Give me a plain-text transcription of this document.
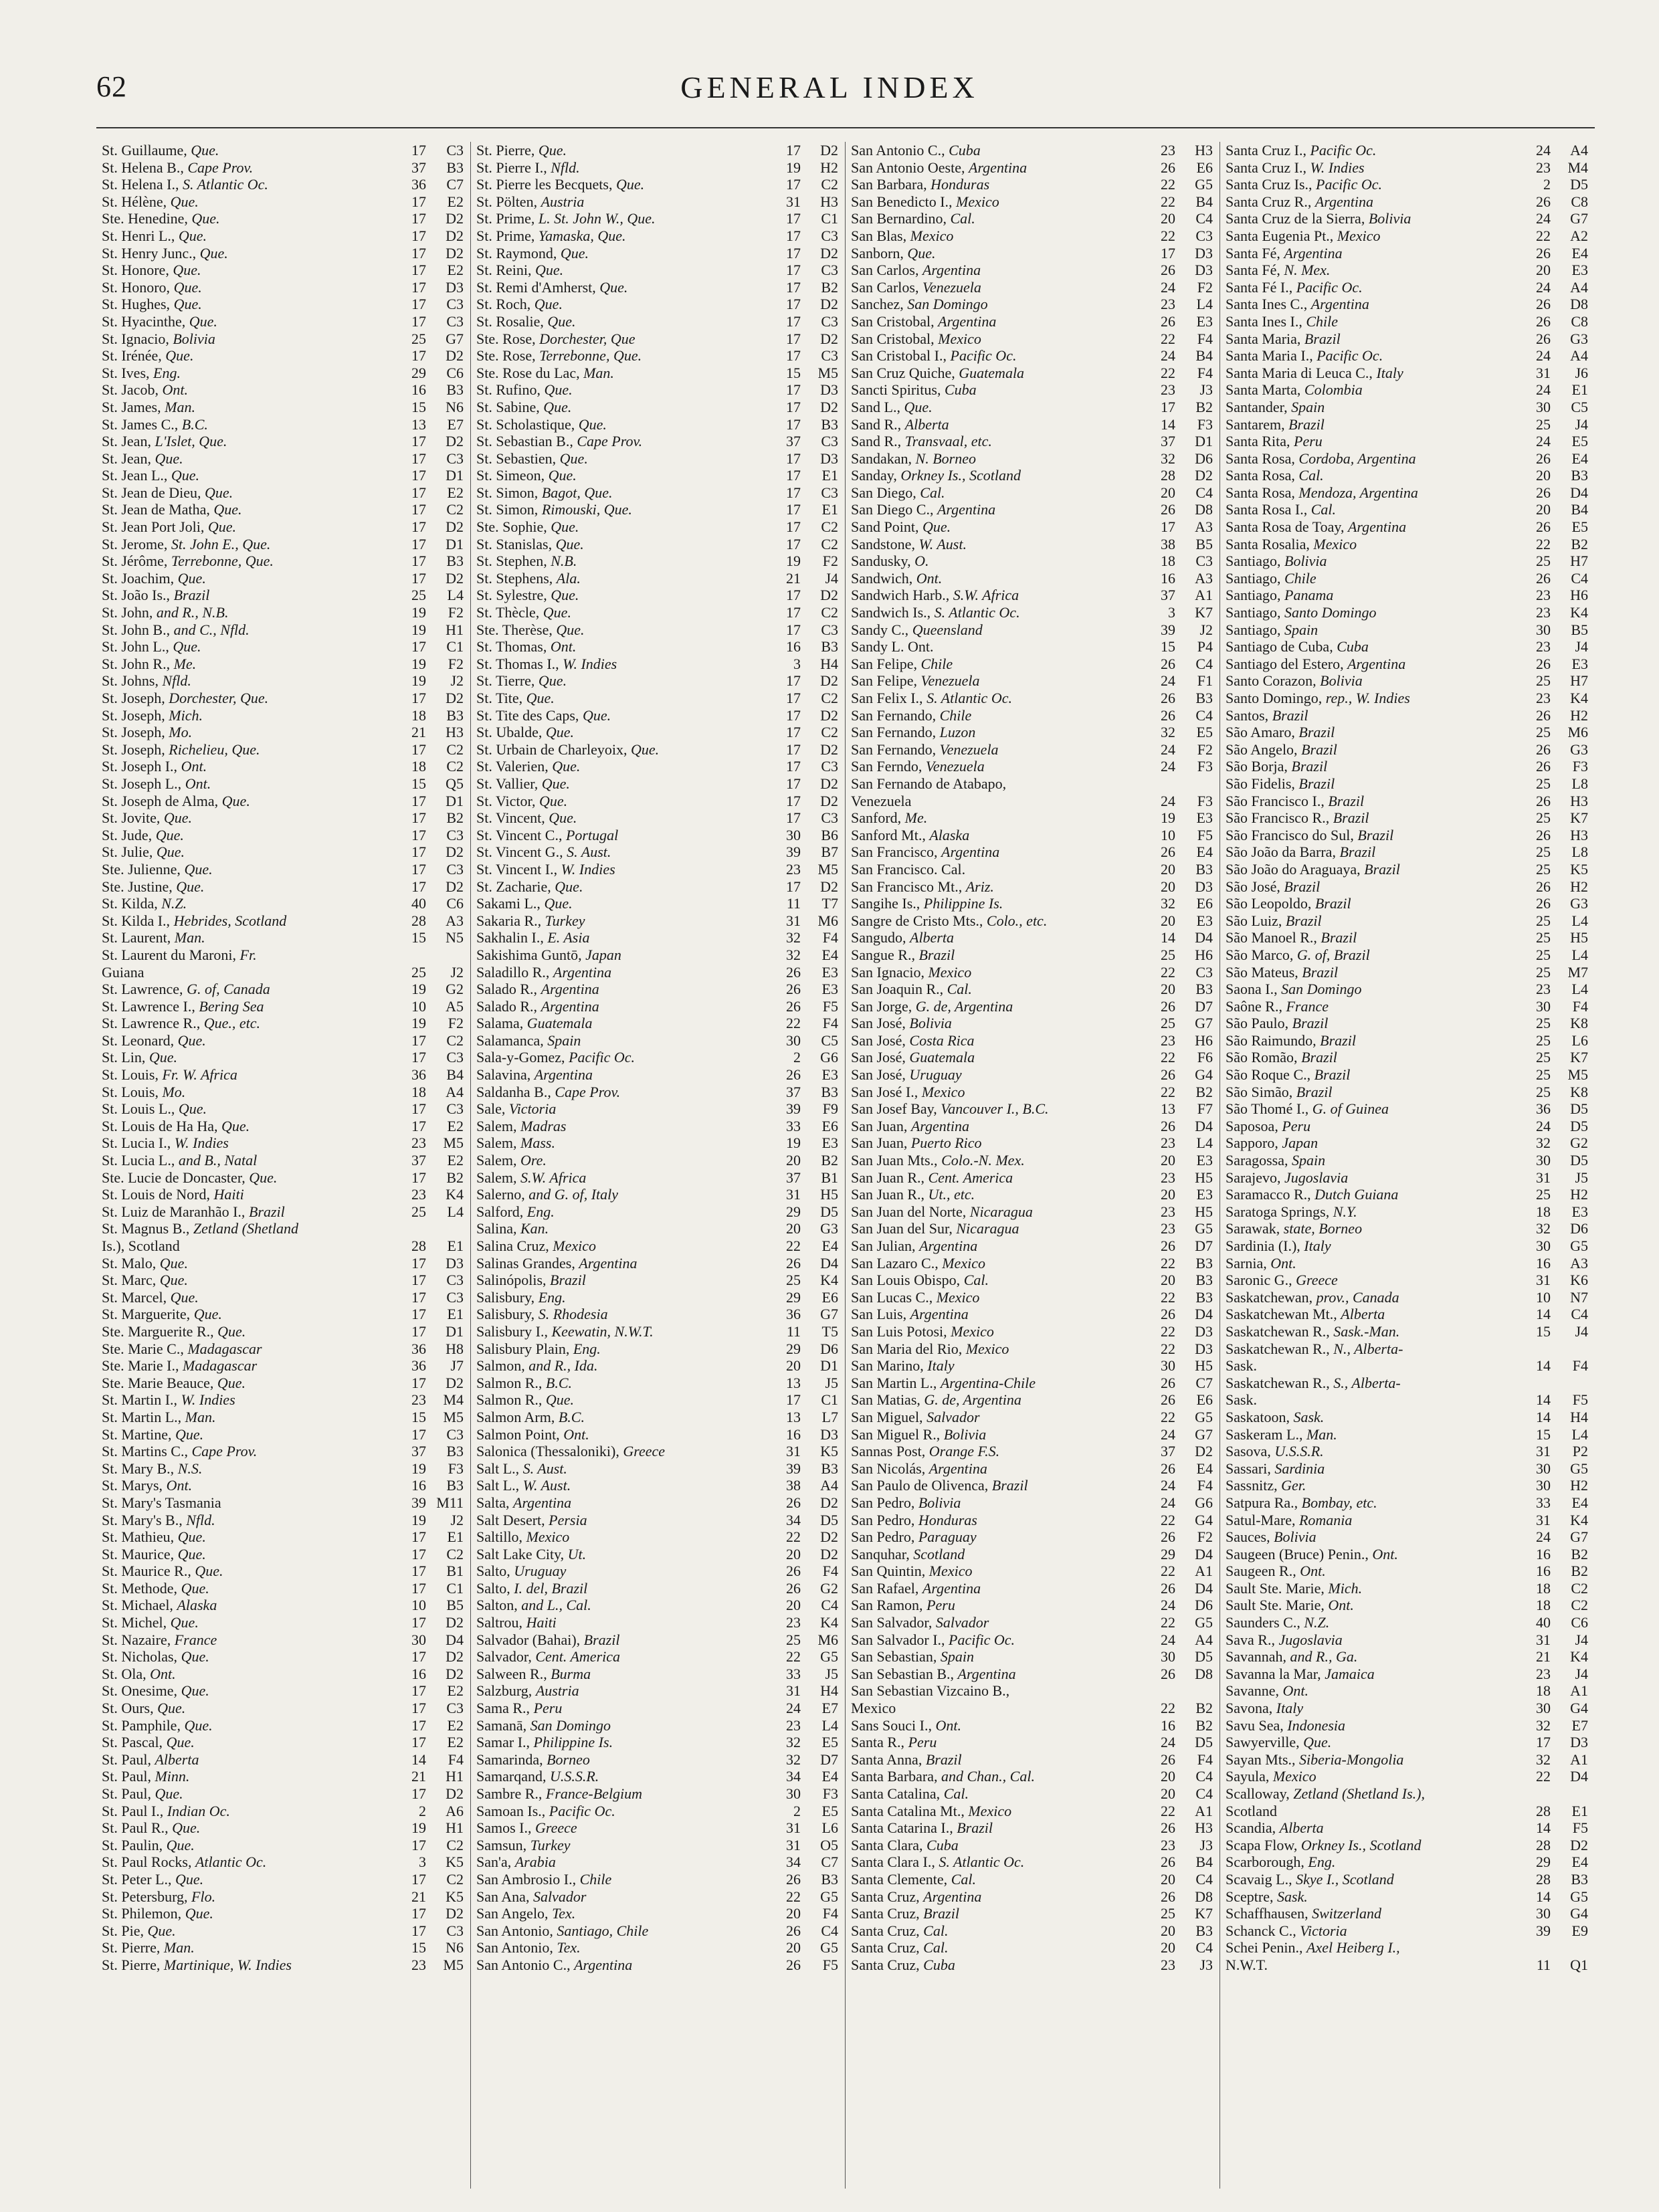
62	GENERAL INDEX
St. Guillaume, Que.	17	C3
St. Helena B., Cape Prov.	37	B3
St. Helena I., S. Atlantic Oc.	36	C7
St. Hélène, Que.	17	E2
Ste. Henedine, Que.	17	D2
St. Henri L., Que.	17	D2
St. Henry Junc., Que.	17	D2
St. Honore, Que.	17	E2
St. Honoro, Que.	17	D3
St. Hughes, Que.	17	C3
St. Hyacinthe, Que.	17	C3
St. Ignacio, Bolivia	25	G7
St. Irénée, Que.	17	D2
St. Ives, Eng.	29	C6
St. Jacob, Ont.	16	B3
St. James, Man.	15	N6
St. James C., B.C.	13	E7
St. Jean, L'Islet, Que.	17	D2
St. Jean, Que.	17	C3
St. Jean L., Que.	17	D1
St. Jean de Dieu, Que.	17	E2
St. Jean de Matha, Que.	17	C2
St. Jean Port Joli, Que.	17	D2
St. Jerome, St. John E., Que.	17	D1
St. Jérôme, Terrebonne, Que.	17	B3
St. Joachim, Que.	17	D2
St. João Is., Brazil	25	L4
St. John, and R., N.B.	19	F2
St. John B., and C., Nfld.	19	H1
St. John L., Que.	17	C1
St. John R., Me.	19	F2
St. Johns, Nfld.	19	J2
St. Joseph, Dorchester, Que.	17	D2
St. Joseph, Mich.	18	B3
St. Joseph, Mo.	21	H3
St. Joseph, Richelieu, Que.	17	C2
St. Joseph I., Ont.	18	C2
St. Joseph L., Ont.	15	Q5
St. Joseph de Alma, Que.	17	D1
St. Jovite, Que.	17	B2
St. Jude, Que.	17	C3
St. Julie, Que.	17	D2
Ste. Julienne, Que.	17	C3
Ste. Justine, Que.	17	D2
St. Kilda, N.Z.	40	C6
St. Kilda I., Hebrides, Scotland	28	A3
St. Laurent, Man.	15	N5
St. Laurent du Maroni, Fr.
Guiana	25	J2
St. Lawrence, G. of, Canada	19	G2
St. Lawrence I., Bering Sea	10	A5
St. Lawrence R., Que., etc.	19	F2
St. Leonard, Que.	17	C2
St. Lin, Que.	17	C3
St. Louis, Fr. W. Africa	36	B4
St. Louis, Mo.	18	A4
St. Louis L., Que.	17	C3
St. Louis de Ha Ha, Que.	17	E2
St. Lucia I., W. Indies	23	M5
St. Lucia L., and B., Natal	37	E2
Ste. Lucie de Doncaster, Que.	17	B2
St. Louis de Nord, Haiti	23	K4
St. Luiz de Maranhão I., Brazil	25	L4
St. Magnus B., Zetland (Shetland
Is.), Scotland	28	E1
St. Malo, Que.	17	D3
St. Marc, Que.	17	C3
St. Marcel, Que.	17	C3
St. Marguerite, Que.	17	E1
Ste. Marguerite R., Que.	17	D1
Ste. Marie C., Madagascar	36	H8
Ste. Marie I., Madagascar	36	J7
Ste. Marie Beauce, Que.	17	D2
St. Martin I., W. Indies	23	M4
St. Martin L., Man.	15	M5
St. Martine, Que.	17	C3
St. Martins C., Cape Prov.	37	B3
St. Mary B., N.S.	19	F3
St. Marys, Ont.	16	B3
St. Mary's Tasmania	39 M11
St. Mary's B., Nfld.	19	J2
St. Mathieu, Que.	17	E1
St. Maurice, Que.	17	C2
St. Maurice R., Que.	17	B1
St. Methode, Que.	17	C1
St. Michael, Alaska	10	B5
St. Michel, Que.	17	D2
St. Nazaire, France	30	D4
St. Nicholas, Que.	17	D2
St. Ola, Ont.	16	D2
St. Onesime, Que.	17	E2
St. Ours, Que.	17	C3
St. Pamphile, Que.	17	E2
St. Pascal, Que.	17	E2
St. Paul, Alberta	14	F4
St. Paul, Minn.	21	H1
St. Paul, Que.	17	D2
St. Paul I., Indian Oc.	2	A6
St. Paul R., Que.	19	H1
St. Paulin, Que.	17	C2
St. Paul Rocks, Atlantic Oc.	3	K5
St. Peter L., Que.	17	C2
St. Petersburg, Flo.	21	K5
St. Philemon, Que.	17	D2
St. Pie, Que.	17	C3
St. Pierre, Man.	15	N6
St. Pierre, Martinique, W. Indies	23	M5
St. Pierre, Que.	17	D2
St. Pierre I., Nfld.	19	H2
St. Pierre les Becquets, Que.	17	C2
St. Pölten, Austria	31	H3
St. Prime, L. St. John W., Que.	17	C1
St. Prime, Yamaska, Que.	17	C3
St. Raymond, Que.	17	D2
St. Reini, Que.	17	C3
St. Remi d'Amherst, Que.	17	B2
St. Roch, Que.	17	D2
St. Rosalie, Que.	17	C3
Ste. Rose, Dorchester, Que	17	D2
Ste. Rose, Terrebonne, Que.	17	C3
Ste. Rose du Lac, Man.	15	M5
St. Rufino, Que.	17	D3
St. Sabine, Que.	17	D2
St. Scholastique, Que.	17	B3
St. Sebastian B., Cape Prov.	37	C3
St. Sebastien, Que.	17	D3
St. Simeon, Que.	17	E1
St. Simon, Bagot, Que.	17	C3
St. Simon, Rimouski, Que.	17	E1
Ste. Sophie, Que.	17	C2
St. Stanislas, Que.	17	C2
St. Stephen, N.B.	19	F2
St. Stephens, Ala.	21	J4
St. Sylestre, Que.	17	D2
St. Thècle, Que.	17	C2
Ste. Therèse, Que.	17	C3
St. Thomas, Ont.	16	B3
St. Thomas I., W. Indies	3	H4
St. Tierre, Que.	17	D2
St. Tite, Que.	17	C2
St. Tite des Caps, Que.	17	D2
St. Ubalde, Que.	17	C2
St. Urbain de Charleyoix, Que.	17	D2
St. Valerien, Que.	17	C3
St. Vallier, Que.	17	D2
St. Victor, Que.	17	D2
St. Vincent, Que.	17	C3
St. Vincent C., Portugal	30	B6
St. Vincent G., S. Aust.	39	B7
St. Vincent I., W. Indies	23	M5
St. Zacharie, Que.	17	D2
Sakami L., Que.	11	T7
Sakaria R., Turkey	31	M6
Sakhalin I., E. Asia	32	F4
Sakishima Guntō, Japan	32	E4
Saladillo R., Argentina	26	E3
Salado R., Argentina	26	E3
Salado R., Argentina	26	F5
Salama, Guatemala	22	F4
Salamanca, Spain	30	C5
Sala-y-Gomez, Pacific Oc.	2	G6
Salavina, Argentina	26	E3
Saldanha B., Cape Prov.	37	B3
Sale, Victoria	39	F9
Salem, Madras	33	E6
Salem, Mass.	19	E3
Salem, Ore.	20	B2
Salem, S.W. Africa	37	B1
Salerno, and G. of, Italy	31	H5
Salford, Eng.	29	D5
Salina, Kan.	20	G3
Salina Cruz, Mexico	22	E4
Salinas Grandes, Argentina	26	D4
Salinópolis, Brazil	25	K4
Salisbury, Eng.	29	E6
Salisbury, S. Rhodesia	36	G7
Salisbury I., Keewatin, N.W.T.	11	T5
Salisbury Plain, Eng.	29	D6
Salmon, and R., Ida.	20	D1
Salmon R., B.C.	13	J5
Salmon R., Que.	17	C1
Salmon Arm, B.C.	13	L7
Salmon Point, Ont.	16	D3
Salonica (Thessaloniki), Greece	31	K5
Salt L., S. Aust.	39	B3
Salt L., W. Aust.	38	A4
Salta, Argentina	26	D2
Salt Desert, Persia	34	D5
Saltillo, Mexico	22	D2
Salt Lake City, Ut.	20	D2
Salto, Uruguay	26	F4
Salto, I. del, Brazil	26	G2
Salton, and L., Cal.	20	C4
Saltrou, Haiti	23	K4
Salvador (Bahai), Brazil	25	M6
Salvador, Cent. America	22	G5
Salween R., Burma	33	J5
Salzburg, Austria	31	H4
Sama R., Peru	24	E7
Samanā, San Domingo	23	L4
Samar I., Philippine Is.	32	E5
Samarinda, Borneo	32	D7
Samarqand, U.S.S.R.	34	E4
Sambre R., France-Belgium	30	F3
Samoan Is., Pacific Oc.	2	E5
Samos I., Greece	31	L6
Samsun, Turkey	31	O5
San'a, Arabia	34	C7
San Ambrosio I., Chile	26	B3
San Ana, Salvador	22	G5
San Angelo, Tex.	20	F4
San Antonio, Santiago, Chile	26	C4
San Antonio, Tex.	20	G5
San Antonio C., Argentina	26	F5
San Antonio C., Cuba	23	H3
San Antonio Oeste, Argentina	26	E6
San Barbara, Honduras	22	G5
San Benedicto I., Mexico	22	B4
San Bernardino, Cal.	20	C4
San Blas, Mexico	22	C3
Sanborn, Que.	17	D3
San Carlos, Argentina	26	D3
San Carlos, Venezuela	24	F2
Sanchez, San Domingo	23	L4
San Cristobal, Argentina	26	E3
San Cristobal, Mexico	22	F4
San Cristobal I., Pacific Oc.	24	B4
San Cruz Quiche, Guatemala	22	F4
Sancti Spiritus, Cuba	23	J3
Sand L., Que.	17	B2
Sand R., Alberta	14	F3
Sand R., Transvaal, etc.	37	D1
Sandakan, N. Borneo	32	D6
Sanday, Orkney Is., Scotland	28	D2
San Diego, Cal.	20	C4
San Diego C., Argentina	26	D8
Sand Point, Que.	17	A3
Sandstone, W. Aust.	38	B5
Sandusky, O.	18	C3
Sandwich, Ont.	16	A3
Sandwich Harb., S.W. Africa	37	A1
Sandwich Is., S. Atlantic Oc.	3	K7
Sandy C., Queensland	39	J2
Sandy L. Ont.	15	P4
San Felipe, Chile	26	C4
San Felipe, Venezuela	24	F1
San Felix I., S. Atlantic Oc.	26	B3
San Fernando, Chile	26	C4
San Fernando, Luzon	32	E5
San Fernando, Venezuela	24	F2
San Ferndo, Venezuela	24	F3
San Fernando de Atabapo,
Venezuela	24	F3
Sanford, Me.	19	E3
Sanford Mt., Alaska	10	F5
San Francisco, Argentina	26	E4
San Francisco. Cal.	20	B3
San Francisco Mt., Ariz.	20	D3
Sangihe Is., Philippine Is.	32	E6
Sangre de Cristo Mts., Colo., etc.	20	E3
Sangudo, Alberta	14	D4
Sangue R., Brazil	25	H6
San Ignacio, Mexico	22	C3
San Joaquin R., Cal.	20	B3
San Jorge, G. de, Argentina	26	D7
San José, Bolivia	25	G7
San José, Costa Rica	23	H6
San José, Guatemala	22	F6
San José, Uruguay	26	G4
San José I., Mexico	22	B2
San Josef Bay, Vancouver I., B.C.	13	F7
San Juan, Argentina	26	D4
San Juan, Puerto Rico	23	L4
San Juan Mts., Colo.-N. Mex.	20	E3
San Juan R., Cent. America	23	H5
San Juan R., Ut., etc.	20	E3
San Juan del Norte, Nicaragua	23	H5
San Juan del Sur, Nicaragua	23	G5
San Julian, Argentina	26	D7
San Lazaro C., Mexico	22	B3
San Louis Obispo, Cal.	20	B3
San Lucas C., Mexico	22	B3
San Luis, Argentina	26	D4
San Luis Potosi, Mexico	22	D3
San Maria del Rio, Mexico	22	D3
San Marino, Italy	30	H5
San Martin L., Argentina-Chile	26	C7
San Matias, G. de, Argentina	26	E6
San Miguel, Salvador	22	G5
San Miguel R., Bolivia	24	G7
Sannas Post, Orange F.S.	37	D2
San Nicolás, Argentina	26	E4
San Paulo de Olivenca, Brazil	24	F4
San Pedro, Bolivia	24	G6
San Pedro, Honduras	22	G4
San Pedro, Paraguay	26	F2
Sanquhar, Scotland	29	D4
San Quintin, Mexico	22	A1
San Rafael, Argentina	26	D4
San Ramon, Peru	24	D6
San Salvador, Salvador	22	G5
San Salvador I., Pacific Oc.	24	A4
San Sebastian, Spain	30	D5
San Sebastian B., Argentina	26	D8
San Sebastian Vizcaino B.,
Mexico	22	B2
Sans Souci I., Ont.	16	B2
Santa R., Peru	24	D5
Santa Anna, Brazil	26	F4
Santa Barbara, and Chan., Cal.	20	C4
Santa Catalina, Cal.	20	C4
Santa Catalina Mt., Mexico	22	A1
Santa Catarina I., Brazil	26	H3
Santa Clara, Cuba	23	J3
Santa Clara I., S. Atlantic Oc.	26	B4
Santa Clemente, Cal.	20	C4
Santa Cruz, Argentina	26	D8
Santa Cruz, Brazil	25	K7
Santa Cruz, Cal.	20	B3
Santa Cruz, Cal.	20	C4
Santa Cruz, Cuba	23	J3
Santa Cruz I., Pacific Oc.	24	A4
Santa Cruz I., W. Indies	23	M4
Santa Cruz Is., Pacific Oc.	2	D5
Santa Cruz R., Argentina	26	C8
Santa Cruz de la Sierra, Bolivia	24	G7
Santa Eugenia Pt., Mexico	22	A2
Santa Fé, Argentina	26	E4
Santa Fé, N. Mex.	20	E3
Santa Fé I., Pacific Oc.	24	A4
Santa Ines C., Argentina	26	D8
Santa Ines I., Chile	26	C8
Santa Maria, Brazil	26	G3
Santa Maria I., Pacific Oc.	24	A4
Santa Maria di Leuca C., Italy	31	J6
Santa Marta, Colombia	24	E1
Santander, Spain	30	C5
Santarem, Brazil	25	J4
Santa Rita, Peru	24	E5
Santa Rosa, Cordoba, Argentina	26	E4
Santa Rosa, Cal.	20	B3
Santa Rosa, Mendoza, Argentina	26	D4
Santa Rosa I., Cal.	20	B4
Santa Rosa de Toay, Argentina	26	E5
Santa Rosalia, Mexico	22	B2
Santiago, Bolivia	25	H7
Santiago, Chile	26	C4
Santiago, Panama	23	H6
Santiago, Santo Domingo	23	K4
Santiago, Spain	30	B5
Santiago de Cuba, Cuba	23	J4
Santiago del Estero, Argentina	26	E3
Santo Corazon, Bolivia	25	H7
Santo Domingo, rep., W. Indies	23	K4
Santos, Brazil	26	H2
São Amaro, Brazil	25	M6
São Angelo, Brazil	26	G3
São Borja, Brazil	26	F3
São Fidelis, Brazil	25	L8
São Francisco I., Brazil	26	H3
São Francisco R., Brazil	25	K7
São Francisco do Sul, Brazil	26	H3
São João da Barra, Brazil	25	L8
São João do Araguaya, Brazil	25	K5
São José, Brazil	26	H2
São Leopoldo, Brazil	26	G3
São Luiz, Brazil	25	L4
São Manoel R., Brazil	25	H5
São Marco, G. of, Brazil	25	L4
São Mateus, Brazil	25	M7
Saona I., San Domingo	23	L4
Saône R., France	30	F4
São Paulo, Brazil	25	K8
São Raimundo, Brazil	25	L6
São Romão, Brazil	25	K7
São Roque C., Brazil	25	M5
São Simão, Brazil	25	K8
São Thomé I., G. of Guinea	36	D5
Saposoa, Peru	24	D5
Sapporo, Japan	32	G2
Saragossa, Spain	30	D5
Sarajevo, Jugoslavia	31	J5
Saramacco R., Dutch Guiana	25	H2
Saratoga Springs, N.Y.	18	E3
Sarawak, state, Borneo	32	D6
Sardinia (I.), Italy	30	G5
Sarnia, Ont.	16	A3
Saronic G., Greece	31	K6
Saskatchewan, prov., Canada	10	N7
Saskatchewan Mt., Alberta	14	C4
Saskatchewan R., Sask.-Man.	15	J4
Saskatchewan R., N., Alberta-
Sask.	14	F4
Saskatchewan R., S., Alberta-
Sask.	14	F5
Saskatoon, Sask.	14	H4
Saskeram L., Man.	15	L4
Sasova, U.S.S.R.	31	P2
Sassari, Sardinia	30	G5
Sassnitz, Ger.	30	H2
Satpura Ra., Bombay, etc.	33	E4
Satul-Mare, Romania	31	K4
Sauces, Bolivia	24	G7
Saugeen (Bruce) Penin., Ont.	16	B2
Saugeen R., Ont.	16	B2
Sault Ste. Marie, Mich.	18	C2
Sault Ste. Marie, Ont.	18	C2
Saunders C., N.Z.	40	C6
Sava R., Jugoslavia	31	J4
Savannah, and R., Ga.	21	K4
Savanna la Mar, Jamaica	23	J4
Savanne, Ont.	18	A1
Savona, Italy	30	G4
Savu Sea, Indonesia	32	E7
Sawyerville, Que.	17	D3
Sayan Mts., Siberia-Mongolia	32	A1
Sayula, Mexico	22	D4
Scalloway, Zetland (Shetland Is.),
Scotland	28	E1
Scandia, Alberta	14	F5
Scapa Flow, Orkney Is., Scotland	28	D2
Scarborough, Eng.	29	E4
Scavaig L., Skye I., Scotland	28	B3
Sceptre, Sask.	14	G5
Schaffhausen, Switzerland	30	G4
Schanck C., Victoria	39	E9
Schei Penin., Axel Heiberg I.,
N.W.T.	11	Q1
